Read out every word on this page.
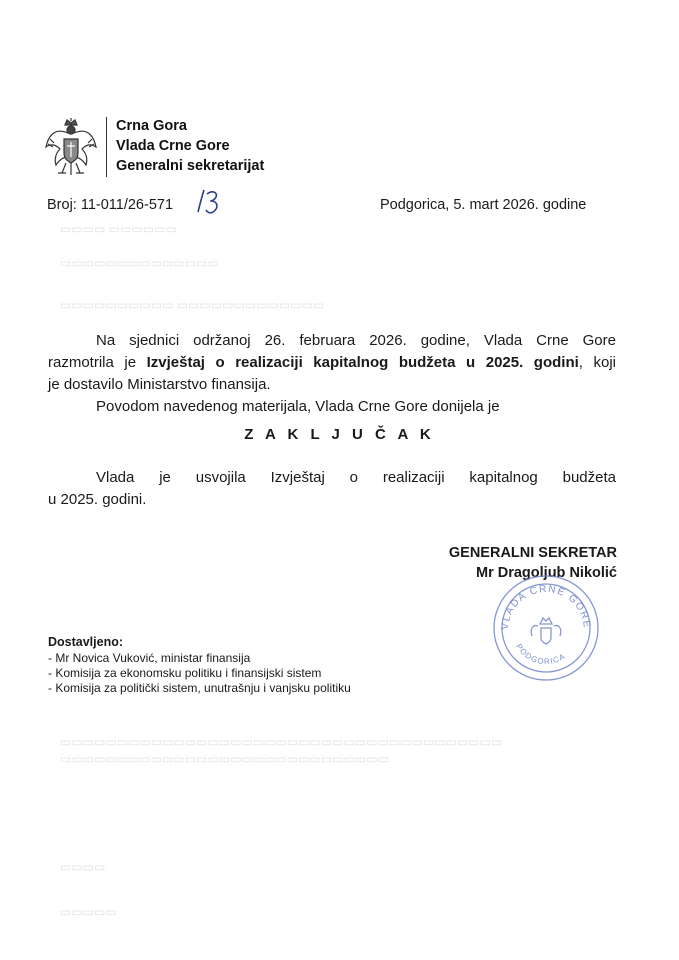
▭▭▭▭ ▭▭▭▭▭▭
▭▭▭▭▭▭▭▭▭▭▭▭▭▭
▭▭▭▭▭▭▭▭▭▭ ▭▭▭▭▭▭▭▭▭▭▭▭▭
▭▭▭▭▭▭▭▭▭▭▭▭▭▭▭▭▭▭▭▭▭▭▭▭▭▭▭▭▭▭▭▭▭▭▭▭▭▭▭
▭▭▭▭▭▭▭▭▭▭▭▭▭▭▭▭▭▭▭▭▭▭▭▭▭▭▭▭▭
▭▭▭▭
▭▭▭▭▭
Crna Gora
Vlada Crne Gore
Generalni sekretarijat
Broj: 11-011/26-571	Podgorica, 5. mart 2026. godine
Na sjednici održanoj 26. februara 2026. godine, Vlada Crne Gore
razmotrila je Izvještaj o realizaciji kapitalnog budžeta u 2025. godini, koji
je dostavilo Ministarstvo finansija.
Povodom navedenog materijala, Vlada Crne Gore donijela je
Z A K L J U Č A K
Vlada je usvojila Izvještaj o realizaciji kapitalnog budžeta
u 2025. godini.
GENERALNI SEKRETAR
Mr Dragoljub Nikolić
VLADA CRNE GORE
PODGORICA
Dostavljeno:
- Mr Novica Vuković, ministar finansija
- Komisija za ekonomsku politiku i finansijski sistem
- Komisija za politički sistem, unutrašnju i vanjsku politiku
